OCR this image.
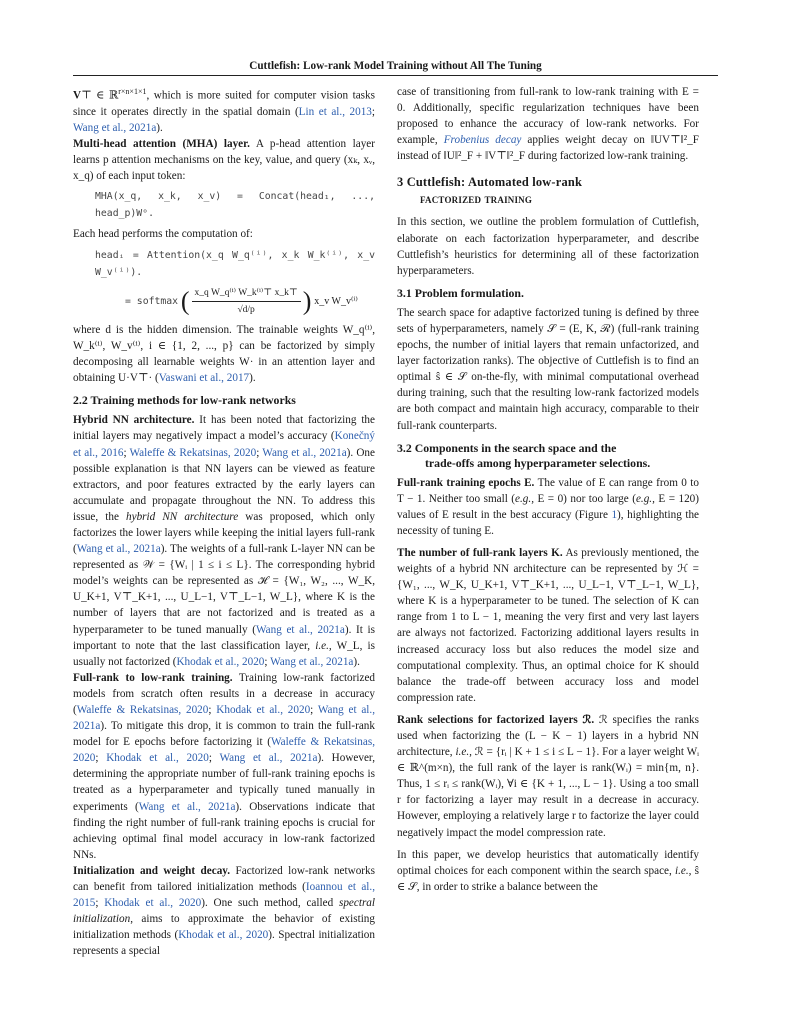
Cuttlefish: Low-rank Model Training without All The Tuning

V⊤ ∈ ℝ$^{r\times n\times 1\times 1}$, which is more suited for computer vision tasks since it operates directly in the spatial domain (Lin et al., 2013; Wang et al., 2021a).

Multi-head attention (MHA) layer. A p-head attention layer learns p attention mechanisms on the key, value, and query (xₖ, xᵥ, x_q) of each input token:

MHA(x_q, x_k, x_v) = Concat(head₁, ..., head_p)Wᵒ.

Each head performs the computation of:

headᵢ = Attention(x_q W_q⁽ⁱ⁾, x_k W_k⁽ⁱ⁾, x_v W_v⁽ⁱ⁾).
= softmax ( $\frac{\text{x\_q W\_q⁽ⁱ⁾ W\_k⁽ⁱ⁾⊤ x\_k⊤}}{√d/p}$ ) x_v W_v⁽ⁱ⁾

where d is the hidden dimension. The trainable weights W_q⁽ⁱ⁾, W_k⁽ⁱ⁾, W_v⁽ⁱ⁾, i ∈ {1, 2, ..., p} can be factorized by simply decomposing all learnable weights W· in an attention layer and obtaining U·V⊤· (Vaswani et al., 2017).

2.2 Training methods for low-rank networks

Hybrid NN architecture. It has been noted that factorizing the initial layers may negatively impact a model’s accuracy (Konečný et al., 2016; Waleffe & Rekatsinas, 2020; Wang et al., 2021a). One possible explanation is that NN layers can be viewed as feature extractors, and poor features extracted by the early layers can accumulate and propagate throughout the NN. To address this issue, the hybrid NN architecture was proposed, which only factorizes the lower layers while keeping the initial layers full-rank (Wang et al., 2021a). The weights of a full-rank L-layer NN can be represented as 𝒲 = {Wᵢ | 1 ≤ i ≤ L}. The corresponding hybrid model’s weights can be represented as ℋ = {W₁, W₂, ..., W_K, U_K+1, V⊤_K+1, ..., U_L−1, V⊤_L−1, W_L}, where K is the number of layers that are not factorized and is treated as a hyperparameter to be tuned manually (Wang et al., 2021a). It is important to note that the last classification layer, i.e., W_L, is usually not factorized (Khodak et al., 2020; Wang et al., 2021a).

Full-rank to low-rank training. Training low-rank factorized models from scratch often results in a decrease in accuracy (Waleffe & Rekatsinas, 2020; Khodak et al., 2020; Wang et al., 2021a). To mitigate this drop, it is common to train the full-rank model for E epochs before factorizing it (Waleffe & Rekatsinas, 2020; Khodak et al., 2020; Wang et al., 2021a). However, determining the appropriate number of full-rank training epochs is treated as a hyperparameter and typically tuned manually in experiments (Wang et al., 2021a). Observations indicate that finding the right number of full-rank training epochs is crucial for achieving optimal final model accuracy in low-rank factorized NNs.

Initialization and weight decay. Factorized low-rank networks can benefit from tailored initialization methods (Ioannou et al., 2015; Khodak et al., 2020). One such method, called spectral initialization, aims to approximate the behavior of existing initialization methods (Khodak et al., 2020). Spectral initialization represents a special

case of transitioning from full-rank to low-rank training with E = 0. Additionally, specific regularization techniques have been proposed to enhance the accuracy of low-rank networks. For example, Frobenius decay applies weight decay on ‖UV⊤‖²_F instead of ‖U‖²_F + ‖V⊤‖²_F during factorized low-rank training.

3 Cuttlefish: Automated low-rank
factorized training

In this section, we outline the problem formulation of Cuttlefish, elaborate on each factorization hyperparameter, and describe Cuttlefish’s heuristics for determining all of these factorization hyperparameters.

3.1 Problem formulation.

The search space for adaptive factorized tuning is defined by three sets of hyperparameters, namely 𝒮 = (E, K, ℛ) (full-rank training epochs, the number of initial layers that remain unfactorized, and layer factorization ranks). The objective of Cuttlefish is to find an optimal ŝ ∈ 𝒮 on-the-fly, with minimal computational overhead during training, such that the resulting low-rank factorized models are both compact and maintain high accuracy, comparable to their full-rank counterparts.

3.2 Components in the search space and the
trade-offs among hyperparameter selections.

Full-rank training epochs E. The value of E can range from 0 to T − 1. Neither too small (e.g., E = 0) nor too large (e.g., E = 120) values of E result in the best accuracy (Figure 1), highlighting the necessity of tuning E.

The number of full-rank layers K. As previously mentioned, the weights of a hybrid NN architecture can be represented by ℋ = {W₁, ..., W_K, U_K+1, V⊤_K+1, ..., U_L−1, V⊤_L−1, W_L}, where K is a hyperparameter to be tuned. The selection of K can range from 1 to L − 1, meaning the very first and very last layers are always not factorized. Factorizing additional layers results in increased accuracy loss but also reduces the model size and computational complexity. Thus, an optimal choice for K should balance the trade-off between accuracy loss and model compression rate.

Rank selections for factorized layers ℛ. ℛ specifies the ranks used when factorizing the (L − K − 1) layers in a hybrid NN architecture, i.e., ℛ = {rᵢ | K + 1 ≤ i ≤ L − 1}. For a layer weight Wᵢ ∈ ℝ^(m×n), the full rank of the layer is rank(Wᵢ) = min{m, n}. Thus, 1 ≤ rᵢ ≤ rank(Wᵢ), ∀i ∈ {K + 1, ..., L − 1}. Using a too small r for factorizing a layer may result in a decrease in accuracy. However, employing a relatively large r to factorize the layer could negatively impact the model compression rate.

In this paper, we develop heuristics that automatically identify optimal choices for each component within the search space, i.e., ŝ ∈ 𝒮, in order to strike a balance between the
